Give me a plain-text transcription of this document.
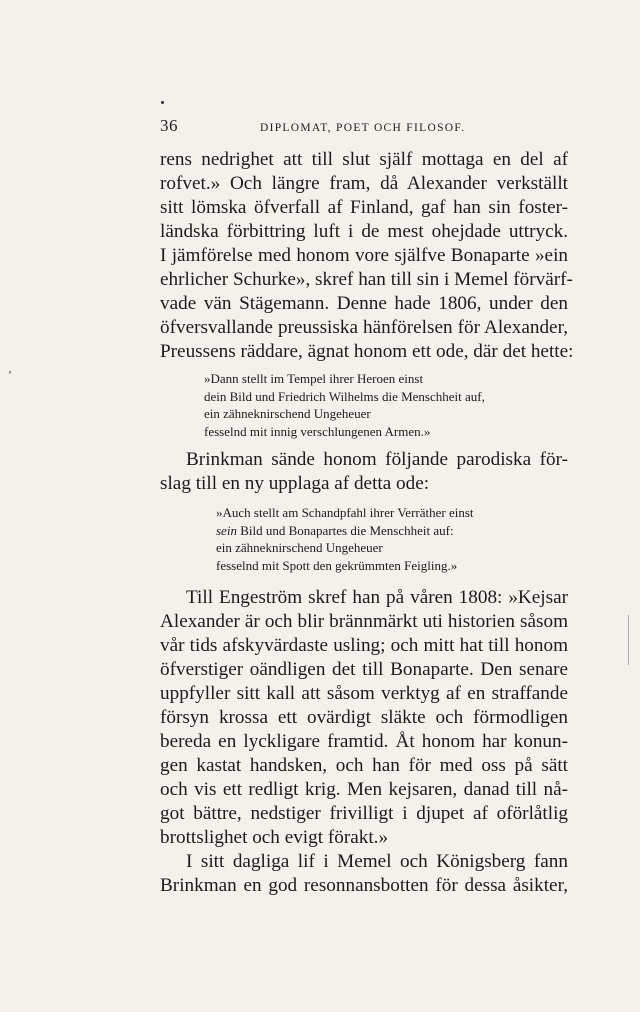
˳
36	DIPLOMAT, POET OCH FILOSOF.
rens nedrighet att till slut själf mottaga en del af
rofvet.» Och längre fram, då Alexander verkställt
sitt lömska öfverfall af Finland, gaf han sin foster-
ländska förbittring luft i de mest ohejdade uttryck.
I jämförelse med honom vore själfve Bonaparte »ein
ehrlicher Schurke», skref han till sin i Memel förvärf-
vade vän Stägemann. Denne hade 1806, under den
öfversvallande preussiska hänförelsen för Alexander,
Preussens räddare, ägnat honom ett ode, där det hette:
»Dann stellt im Tempel ihrer Heroen einst
dein Bild und Friedrich Wilhelms die Menschheit auf,
ein zähneknirschend Ungeheuer
fesselnd mit innig verschlungenen Armen.»
Brinkman sände honom följande parodiska för-
slag till en ny upplaga af detta ode:
»Auch stellt am Schandpfahl ihrer Verräther einst
sein Bild und Bonapartes die Menschheit auf:
ein zähneknirschend Ungeheuer
fesselnd mit Spott den gekrümmten Feigling.»
Till Engeström skref han på våren 1808: »Kejsar
Alexander är och blir brännmärkt uti historien såsom
vår tids afskyvärdaste usling; och mitt hat till honom
öfverstiger oändligen det till Bonaparte. Den senare
uppfyller sitt kall att såsom verktyg af en straffande
försyn krossa ett ovärdigt släkte och förmodligen
bereda en lyckligare framtid. Åt honom har konun-
gen kastat handsken, och han för med oss på sätt
och vis ett redligt krig. Men kejsaren, danad till nå-
got bättre, nedstiger frivilligt i djupet af oförlåtlig
brottslighet och evigt förakt.»
I sitt dagliga lif i Memel och Königsberg fann
Brinkman en god resonnansbotten för dessa åsikter,
